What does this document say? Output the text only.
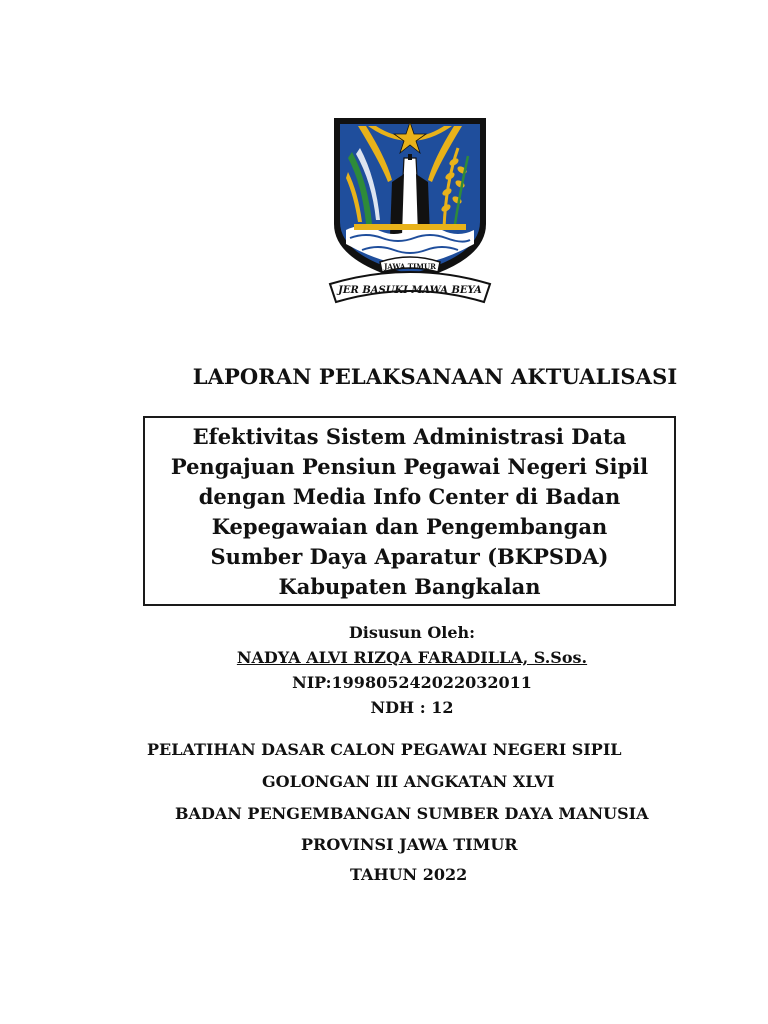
JAWA TIMUR
JER BASUKI MAWA BEYA
LAPORAN PELAKSANAAN AKTUALISASI
Efektivitas Sistem Administrasi Data
Pengajuan Pensiun Pegawai Negeri Sipil
dengan Media Info Center di Badan
Kepegawaian dan Pengembangan
Sumber Daya Aparatur (BKPSDA)
Kabupaten Bangkalan
Disusun Oleh:
NADYA ALVI RIZQA FARADILLA, S.Sos.
NIP:199805242022032011
NDH : 12
PELATIHAN DASAR CALON PEGAWAI NEGERI SIPIL
GOLONGAN III ANGKATAN XLVI
BADAN PENGEMBANGAN SUMBER DAYA MANUSIA
PROVINSI JAWA TIMUR
TAHUN 2022
